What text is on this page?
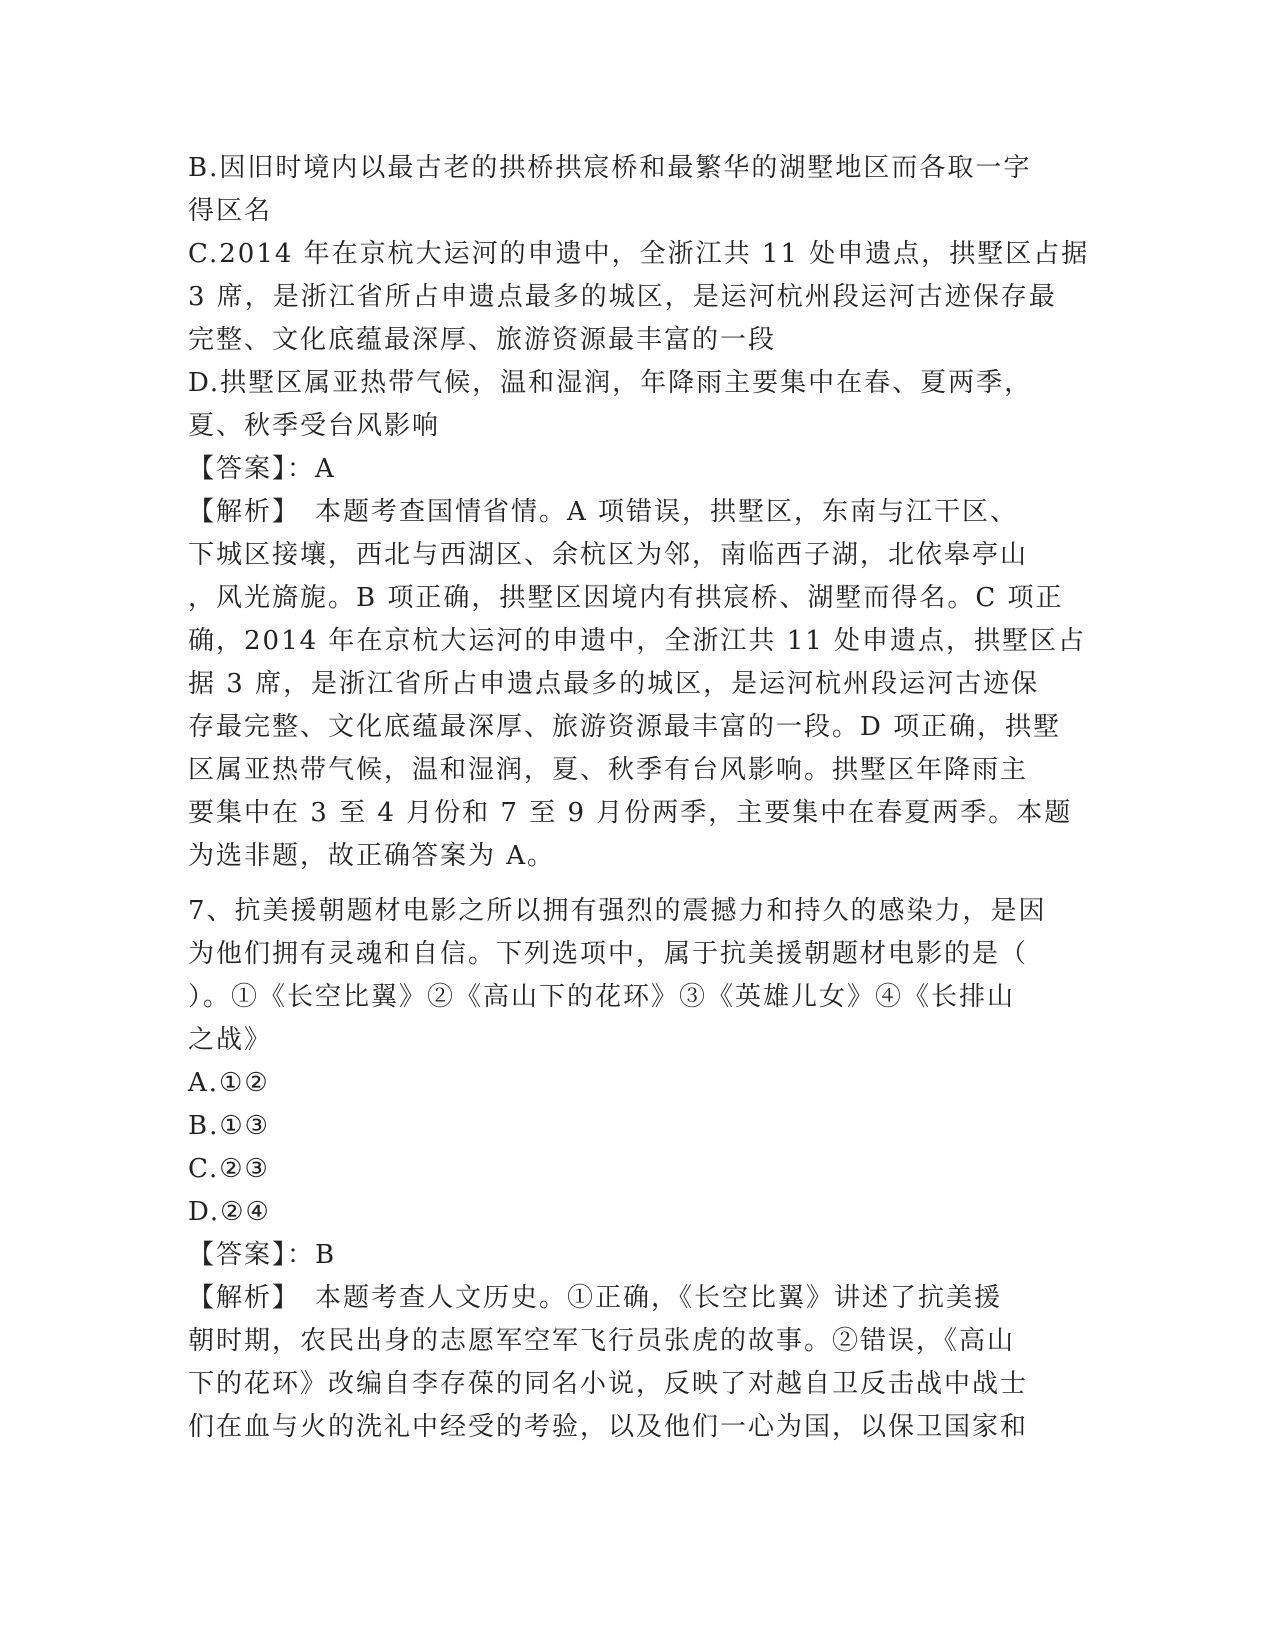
B.因旧时境内以最古老的拱桥拱宸桥和最繁华的湖墅地区而各取一字
得区名
C.2014 年在京杭大运河的申遗中，全浙江共 11 处申遗点，拱墅区占据
3 席，是浙江省所占申遗点最多的城区，是运河杭州段运河古迹保存最
完整、文化底蕴最深厚、旅游资源最丰富的一段
D.拱墅区属亚热带气候，温和湿润，年降雨主要集中在春、夏两季，
夏、秋季受台风影响
【答案】：A
【解析】　本题考查国情省情。A 项错误，拱墅区，东南与江干区、
下城区接壤，西北与西湖区、余杭区为邻，南临西子湖，北依皋亭山
，风光旖旎。B 项正确，拱墅区因境内有拱宸桥、湖墅而得名。C 项正
确，2014 年在京杭大运河的申遗中，全浙江共 11 处申遗点，拱墅区占
据 3 席，是浙江省所占申遗点最多的城区，是运河杭州段运河古迹保
存最完整、文化底蕴最深厚、旅游资源最丰富的一段。D 项正确，拱墅
区属亚热带气候，温和湿润，夏、秋季有台风影响。拱墅区年降雨主
要集中在 3 至 4 月份和 7 至 9 月份两季，主要集中在春夏两季。本题
为选非题，故正确答案为 A。
7、抗美援朝题材电影之所以拥有强烈的震撼力和持久的感染力，是因
为他们拥有灵魂和自信。下列选项中，属于抗美援朝题材电影的是（
）。①《长空比翼》②《高山下的花环》③《英雄儿女》④《长排山
之战》
A.①②
B.①③
C.②③
D.②④
【答案】：B
【解析】　本题考查人文历史。①正确，《长空比翼》讲述了抗美援
朝时期，农民出身的志愿军空军飞行员张虎的故事。②错误，《高山
下的花环》改编自李存葆的同名小说，反映了对越自卫反击战中战士
们在血与火的洗礼中经受的考验，以及他们一心为国，以保卫国家和
